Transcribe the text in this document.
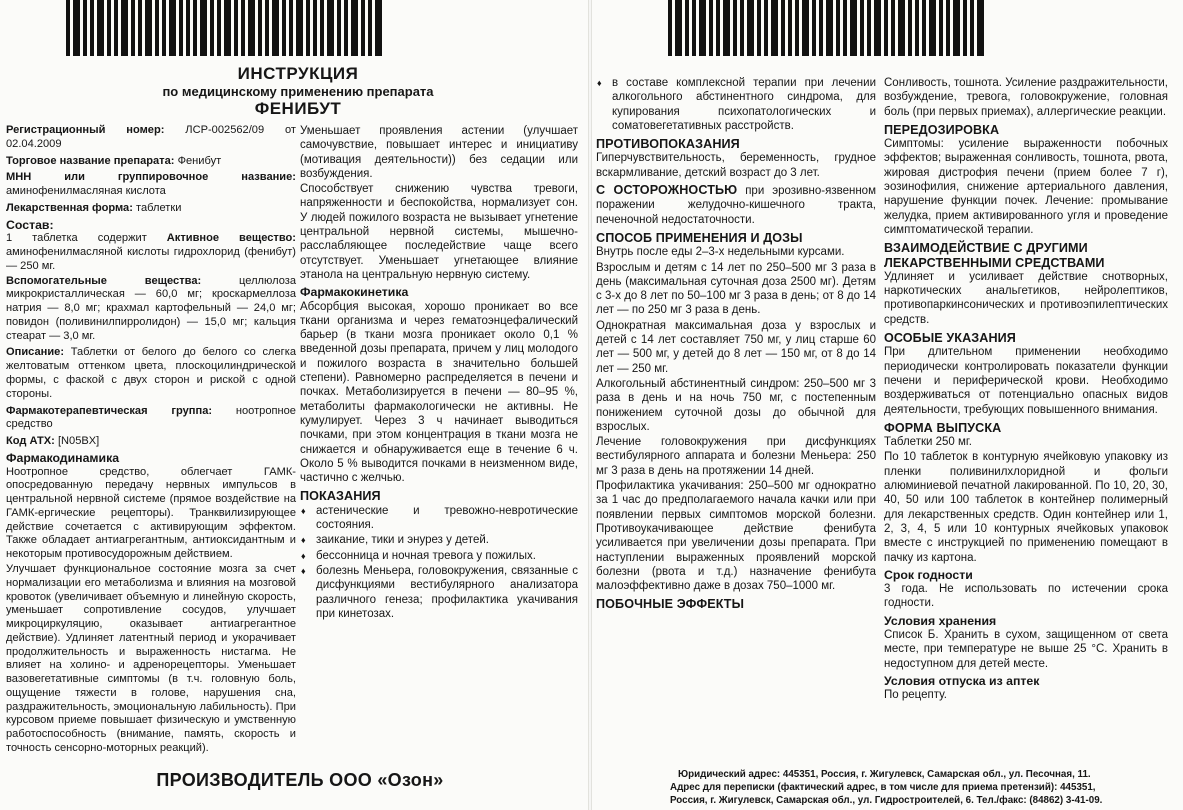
ИНСТРУКЦИЯ
по медицинскому применению препарата
ФЕНИБУТ

Регистрационный номер: ЛСР-002562/09 от 02.04.2009

Торговое название препарата: Фенибут

МНН или группировочное название: аминофенилмасляная кислота

Лекарственная форма: таблетки

Состав:

1 таблетка содержит Активное вещество: аминофенилмасляной кислоты гидрохлорид (фенибут) — 250 мг.

Вспомогательные вещества:	целлюлоза микрокристаллическая — 60,0 мг; кроскармеллоза натрия — 8,0 мг; крахмал картофельный — 24,0 мг; повидон (поливинилпирролидон) — 15,0 мг; кальция стеарат — 3,0 мг.

Описание: Таблетки от белого до белого со слегка желтоватым оттенком цвета, плоскоцилиндрической формы, с фаской с двух сторон и риской с одной стороны.

Фармакотерапевтическая группа: ноотропное средство

Код АТХ: [N05BX]

Фармакодинамика

Ноотропное средство, облегчает ГАМК-опосредованную передачу нервных импульсов в центральной нервной системе (прямое воздействие на ГАМК-ергические рецепторы). Транквилизирующее действие сочетается с активирующим эффектом. Также обладает антиагрегантным, антиоксидантным и некоторым противосудорожным действием.

Улучшает функциональное состояние мозга за счет нормализации его метаболизма и влияния на мозговой кровоток (увеличивает объемную и линейную скорость, уменьшает сопротивление сосудов, улучшает микроциркуляцию, оказывает антиагрегантное действие). Удлиняет латентный период и укорачивает продолжительность и выраженность нистагма. Не влияет на холино- и адренорецепторы. Уменьшает вазовегетативные симптомы (в т.ч. головную боль, ощущение тяжести в голове, нарушения сна, раздражительность, эмоциональную лабильность). При курсовом приеме повышает физическую и умственную работоспособность (внимание, память, скорость и точность сенсорно-моторных реакций).

Уменьшает проявления астении (улучшает самочувствие, повышает интерес и инициативу (мотивация деятельности)) без седации или возбуждения.

Способствует снижению чувства тревоги, напряженности и беспокойства, нормализует сон. У людей пожилого возраста не вызывает угнетение центральной нервной системы, мышечно-расслабляющее последействие чаще всего отсутствует. Уменьшает угнетающее влияние этанола на центральную нервную систему.

Фармакокинетика

Абсорбция высокая, хорошо проникает во все ткани организма и через гематоэнцефалический барьер (в ткани мозга проникает около 0,1 % введенной дозы препарата, причем у лиц молодого и пожилого возраста в значительно большей степени). Равномерно распределяется в печени и почках. Метаболизируется в печени — 80–95 %, метаболиты фармакологически не активны. Не кумулирует. Через 3 ч начинает выводиться почками, при этом концентрация в ткани мозга не снижается и обнаруживается еще в течение 6 ч. Около 5 % выводится почками в неизменном виде, частично с желчью.

ПОКАЗАНИЯ
♦ астенические и тревожно-невротические состояния.
♦ заикание, тики и энурез у детей.
♦ бессонница и ночная тревога у пожилых.
♦ болезнь Меньера, головокружения, связанные с дисфункциями вестибулярного анализатора различного генеза; профилактика укачивания при кинетозах.
ПРОИЗВОДИТЕЛЬ ООО «Озон»
♦ в составе комплексной терапии при лечении алкогольного абстинентного синдрома, для купирования психопатологических и соматовегетативных расстройств.
ПРОТИВОПОКАЗАНИЯ

Гиперчувствительность, беременность, грудное вскармливание, детский возраст до 3 лет.

С ОСТОРОЖНОСТЬЮ при эрозивно-язвенном поражении желудочно-кишечного тракта, печеночной недостаточности.

СПОСОБ ПРИМЕНЕНИЯ И ДОЗЫ

Внутрь после еды 2–3-х недельными курсами.

Взрослым и детям с 14 лет по 250–500 мг 3 раза в день (максимальная суточная доза 2500 мг). Детям с 3-х до 8 лет по 50–100 мг 3 раза в день; от 8 до 14 лет — по 250 мг 3 раза в день.

Однократная максимальная доза у взрослых и детей с 14 лет составляет 750 мг, у лиц старше 60 лет — 500 мг, у детей до 8 лет — 150 мг, от 8 до 14 лет — 250 мг.

Алкогольный абстинентный синдром: 250–500 мг 3 раза в день и на ночь 750 мг, с постепенным понижением суточной дозы до обычной для взрослых.

Лечение головокружения при дисфункциях вестибулярного аппарата и болезни Меньера: 250 мг 3 раза в день на протяжении 14 дней.

Профилактика укачивания: 250–500 мг однократно за 1 час до предполагаемого начала качки или при появлении первых симптомов морской болезни. Противоукачивающее действие фенибута усиливается при увеличении дозы препарата. При наступлении выраженных проявлений морской болезни (рвота и т.д.) назначение фенибута малоэффективно даже в дозах 750–1000 мг.

ПОБОЧНЫЕ ЭФФЕКТЫ

Сонливость, тошнота. Усиление раздражительности, возбуждение, тревога, головокружение, головная боль (при первых приемах), аллергические реакции.

ПЕРЕДОЗИРОВКА

Симптомы: усиление выраженности побочных эффектов; выраженная сонливость, тошнота, рвота, жировая дистрофия печени (прием более 7 г), эозинофилия, снижение артериального давления, нарушение функции почек. Лечение: промывание желудка, прием активированного угля и проведение симптоматической терапии.

ВЗАИМОДЕЙСТВИЕ С ДРУГИМИ ЛЕКАРСТВЕННЫМИ СРЕДСТВАМИ

Удлиняет и усиливает действие снотворных, наркотических анальгетиков, нейролептиков, противопаркинсонических и противоэпилептических средств.

ОСОБЫЕ УКАЗАНИЯ

При длительном применении необходимо периодически контролировать показатели функции печени и периферической крови. Необходимо воздерживаться от потенциально опасных видов деятельности, требующих повышенного внимания.

ФОРМА ВЫПУСКА

Таблетки 250 мг.

По 10 таблеток в контурную ячейковую упаковку из пленки поливинилхлоридной и фольги алюминиевой печатной лакированной. По 10, 20, 30, 40, 50 или 100 таблеток в контейнер полимерный для лекарственных средств. Один контейнер или 1, 2, 3, 4, 5 или 10 контурных ячейковых упаковок вместе с инструкцией по применению помещают в пачку из картона.

Срок годности

3 года. Не использовать по истечении срока годности.

Условия хранения

Список Б. Хранить в сухом, защищенном от света месте, при температуре не выше 25 °С. Хранить в недоступном для детей месте.

Условия отпуска из аптек

По рецепту.

Юридический адрес: 445351, Россия, г. Жигулевск, Самарская обл., ул. Песочная, 11.
Адрес для переписки (фактический адрес, в том числе для приема претензий): 445351,
Россия, г. Жигулевск, Самарская обл., ул. Гидростроителей, 6. Тел./факс: (84862) 3-41-09.
